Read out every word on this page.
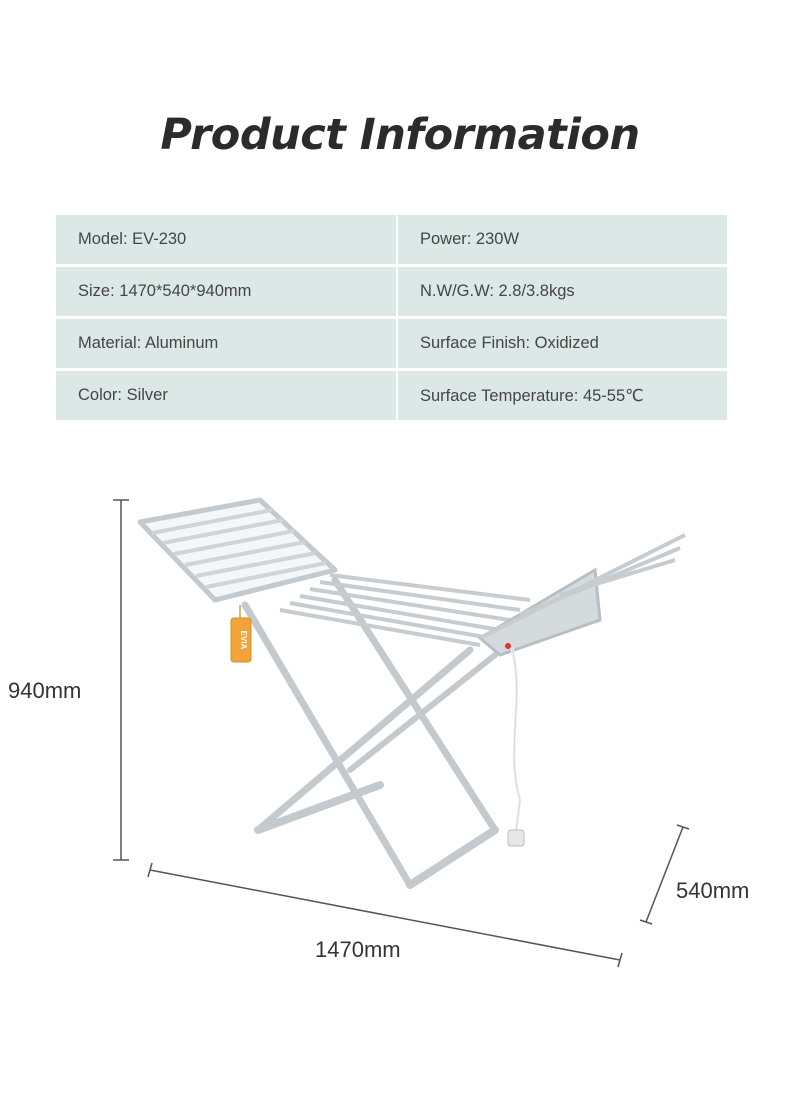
Product Information
Model: EV-230	Power: 230W
Size: 1470*540*940mm	N.W/G.W: 2.8/3.8kgs
Material: Aluminum	Surface Finish: Oxidized
Color: Silver	Surface Temperature: 45-55℃
EVIA
940mm
540mm
1470mm
